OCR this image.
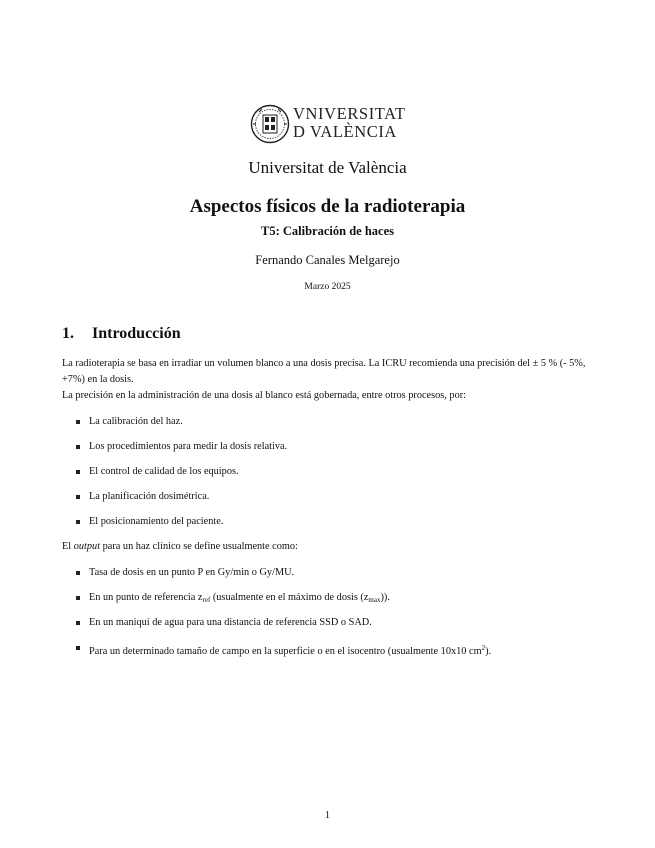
VNIVERSITAT
D VALÈNCIA
Universitat de València
Aspectos físicos de la radioterapia
T5: Calibración de haces
Fernando Canales Melgarejo
Marzo 2025
1. Introducción
La radioterapia se basa en irradiar un volumen blanco a una dosis precisa. La ICRU recomienda una precisión del ± 5 % (- 5%, +7%) en la dosis.
La precisión en la administración de una dosis al blanco está gobernada, entre otros procesos, por:
La calibración del haz.
Los procedimientos para medir la dosis relativa.
El control de calidad de los equipos.
La planificación dosimétrica.
El posicionamiento del paciente.
El output para un haz clínico se define usualmente como:
Tasa de dosis en un punto P en Gy/min o Gy/MU.
En un punto de referencia $z_{ref}$ (usualmente en el máximo de dosis $(z_{max})$).
En un maniquí de agua para una distancia de referencia SSD o SAD.
Para un determinado tamaño de campo en la superficie o en el isocentro (usualmente 10x10 $cm^2$).
1
